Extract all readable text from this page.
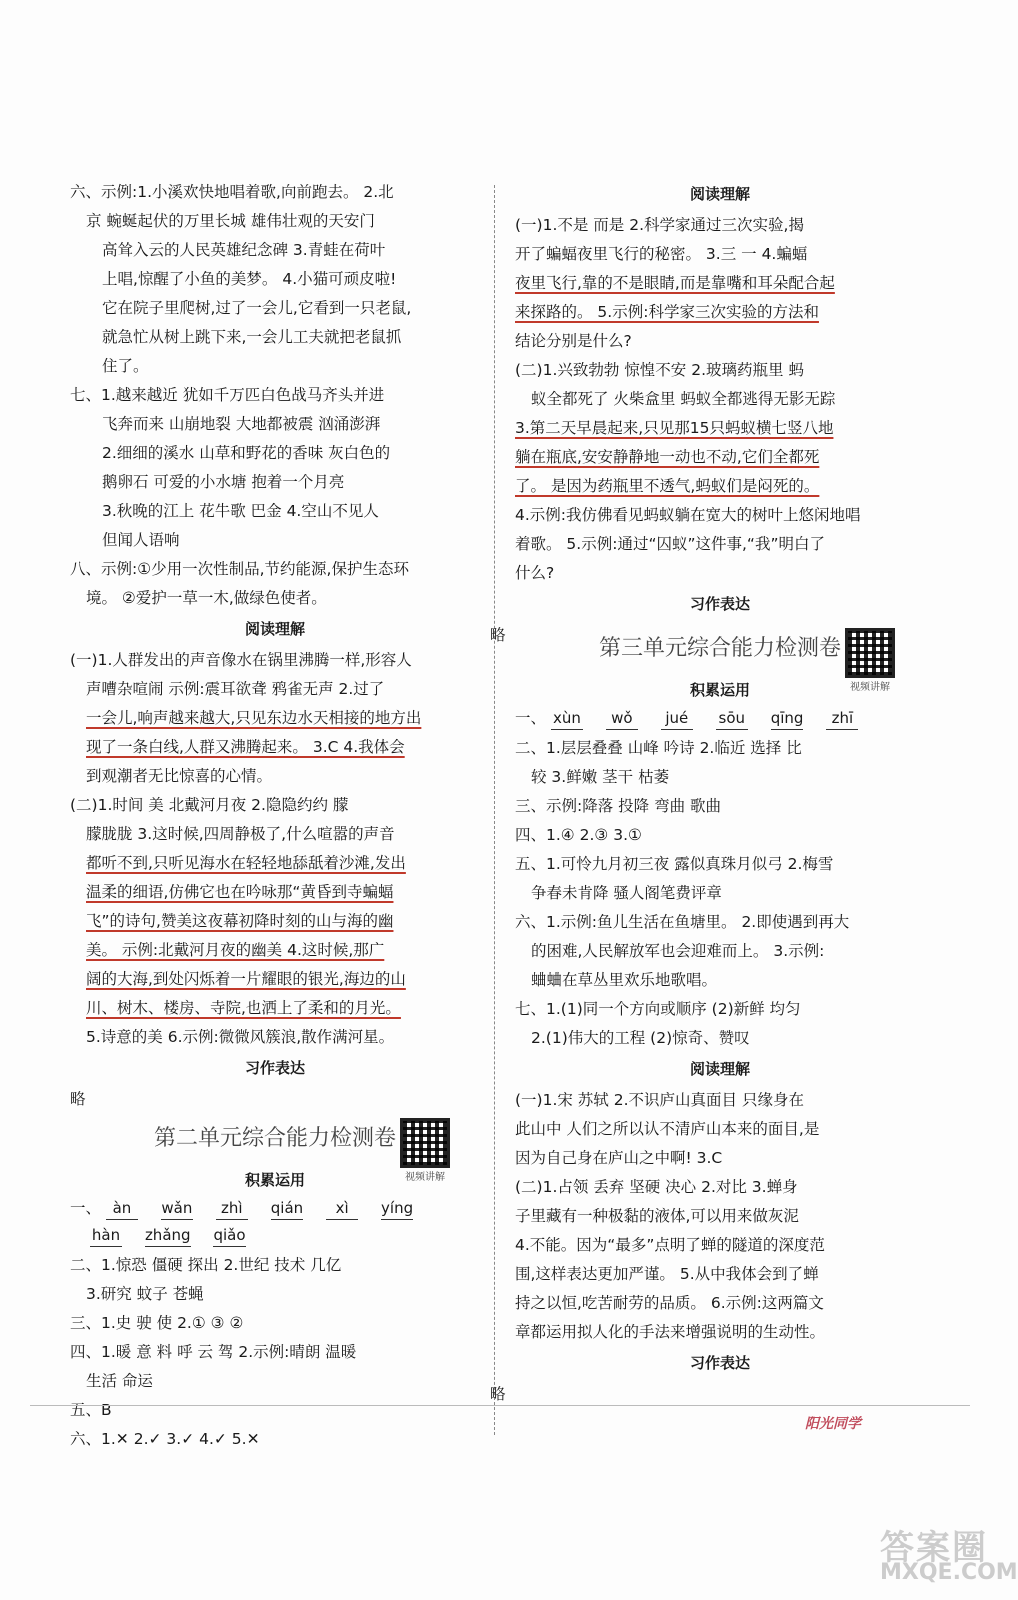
六、示例:1.小溪欢快地唱着歌,向前跑去。 2.北

京 蜿蜒起伏的万里长城 雄伟壮观的天安门

高耸入云的人民英雄纪念碑 3.青蛙在荷叶

上唱,惊醒了小鱼的美梦。 4.小猫可顽皮啦!

它在院子里爬树,过了一会儿,它看到一只老鼠,

就急忙从树上跳下来,一会儿工夫就把老鼠抓

住了。

七、1.越来越近 犹如千万匹白色战马齐头并进

飞奔而来 山崩地裂 大地都被震 汹涌澎湃

2.细细的溪水 山草和野花的香味 灰白色的

鹅卵石 可爱的小水塘 抱着一个月亮

3.秋晚的江上 花牛歌 巴金 4.空山不见人

但闻人语响

八、示例:①少用一次性制品,节约能源,保护生态环

境。 ②爱护一草一木,做绿色使者。

阅读理解

(一)1.人群发出的声音像水在锅里沸腾一样,形容人

声嘈杂喧闹 示例:震耳欲聋 鸦雀无声 2.过了

一会儿,响声越来越大,只见东边水天相接的地方出

现了一条白线,人群又沸腾起来。 3.C 4.我体会

到观潮者无比惊喜的心情。

(二)1.时间 美 北戴河月夜 2.隐隐约约 朦

朦胧胧 3.这时候,四周静极了,什么喧嚣的声音

都听不到,只听见海水在轻轻地舔舐着沙滩,发出

温柔的细语,仿佛它也在吟咏那“黄昏到寺蝙蝠

飞”的诗句,赞美这夜幕初降时刻的山与海的幽

美。 示例:北戴河月夜的幽美 4.这时候,那广

阔的大海,到处闪烁着一片耀眼的银光,海边的山

川、树木、楼房、寺院,也洒上了柔和的月光。

5.诗意的美 6.示例:微微风簇浪,散作满河星。

习作表达

略

第二单元综合能力检测卷
视频讲解
积累运用
一、 àn
	wǎn
	zhì
	qián
	xì
	yíng
hàn
zhǎng
qiǎo

二、1.惊恐 僵硬 探出 2.世纪 技术 几亿

3.研究 蚊子 苍蝇

三、1.史 驶 使 2.① ③ ②

四、1.暖 意 料 呼 云 驾 2.示例:晴朗 温暖

生活 命运

五、B

六、1.✕ 2.✓ 3.✓ 4.✓ 5.✕

阅读理解

(一)1.不是 而是 2.科学家通过三次实验,揭

开了蝙蝠夜里飞行的秘密。 3.三 一 4.蝙蝠

夜里飞行,靠的不是眼睛,而是靠嘴和耳朵配合起

来探路的。 5.示例:科学家三次实验的方法和

结论分别是什么?

(二)1.兴致勃勃 惊惶不安 2.玻璃药瓶里 蚂

蚁全都死了 火柴盒里 蚂蚁全都逃得无影无踪

3.第二天早晨起来,只见那15只蚂蚁横七竖八地

躺在瓶底,安安静静地一动也不动,它们全都死

了。 是因为药瓶里不透气,蚂蚁们是闷死的。

4.示例:我仿佛看见蚂蚁躺在宽大的树叶上悠闲地唱

着歌。 5.示例:通过“囚蚁”这件事,“我”明白了

什么?

习作表达

略

第三单元综合能力检测卷
视频讲解
积累运用
一、 xùn
	wǒ
	jué
	sōu
qīng
	zhī

二、1.层层叠叠 山峰 吟诗 2.临近 选择 比

较 3.鲜嫩 茎干 枯萎

三、示例:降落 投降 弯曲 歌曲

四、1.④ 2.③ 3.①

五、1.可怜九月初三夜 露似真珠月似弓 2.梅雪

争春未肯降 骚人阁笔费评章

六、1.示例:鱼儿生活在鱼塘里。 2.即使遇到再大

的困难,人民解放军也会迎难而上。 3.示例:

蛐蛐在草丛里欢乐地歌唱。

七、1.(1)同一个方向或顺序 (2)新鲜 均匀

2.(1)伟大的工程 (2)惊奇、赞叹

阅读理解

(一)1.宋 苏轼 2.不识庐山真面目 只缘身在

此山中 人们之所以认不清庐山本来的面目,是

因为自己身在庐山之中啊! 3.C

(二)1.占领 丢弃 坚硬 决心 2.对比 3.蝉身

子里藏有一种极黏的液体,可以用来做灰泥

4.不能。因为“最多”点明了蝉的隧道的深度范

围,这样表达更加严谨。 5.从中我体会到了蝉

持之以恒,吃苦耐劳的品质。 6.示例:这两篇文

章都运用拟人化的手法来增强说明的生动性。

习作表达

略

阳光同学
答案圈
MXQE.COM
